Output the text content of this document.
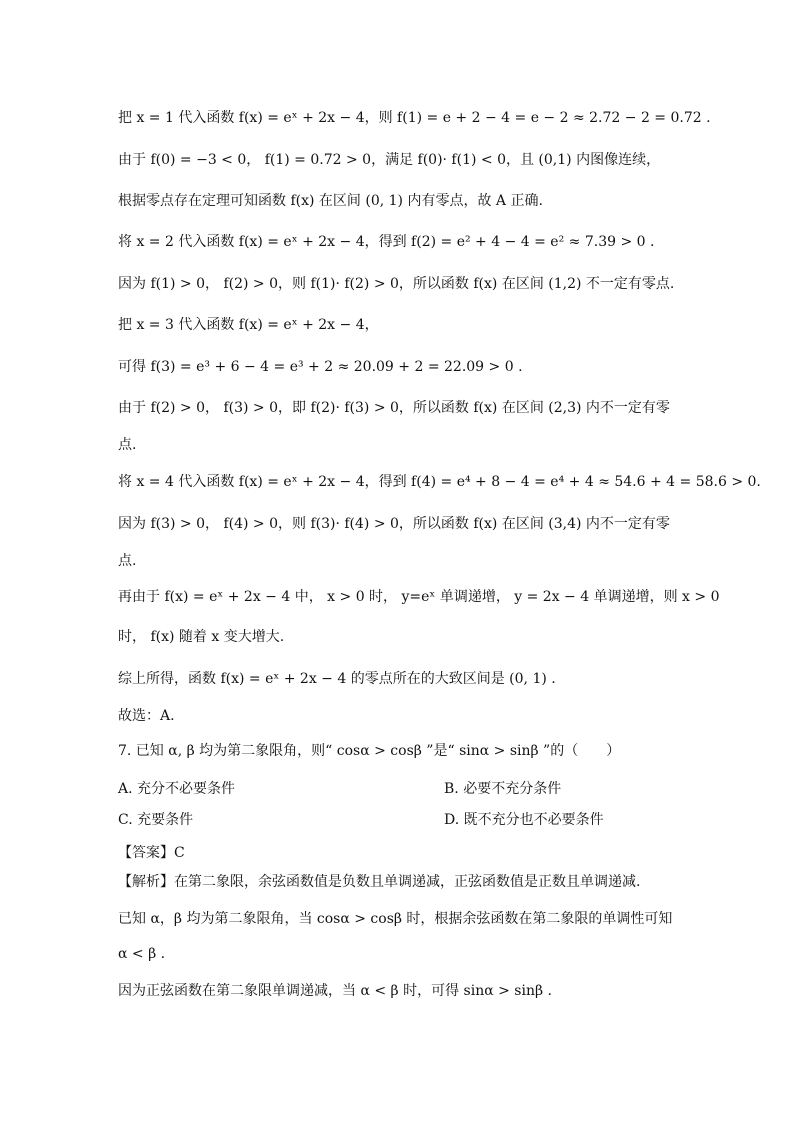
把 x = 1 代入函数 f(x) = eˣ + 2x − 4，则 f(1) = e + 2 − 4 = e − 2 ≈ 2.72 − 2 = 0.72 .
由于 f(0) = −3 < 0， f(1) = 0.72 > 0，满足 f(0)· f(1) < 0，且 (0,1) 内图像连续，
根据零点存在定理可知函数 f(x) 在区间 (0, 1) 内有零点，故 A 正确.
将 x = 2 代入函数 f(x) = eˣ + 2x − 4，得到 f(2) = e² + 4 − 4 = e² ≈ 7.39 > 0 .
因为 f(1) > 0， f(2) > 0，则 f(1)· f(2) > 0，所以函数 f(x) 在区间 (1,2) 不一定有零点.
把 x = 3 代入函数 f(x) = eˣ + 2x − 4，
可得 f(3) = e³ + 6 − 4 = e³ + 2 ≈ 20.09 + 2 = 22.09 > 0 .
由于 f(2) > 0， f(3) > 0，即 f(2)· f(3) > 0，所以函数 f(x) 在区间 (2,3) 内不一定有零
点.
将 x = 4 代入函数 f(x) = eˣ + 2x − 4，得到 f(4) = e⁴ + 8 − 4 = e⁴ + 4 ≈ 54.6 + 4 = 58.6 > 0.
因为 f(3) > 0， f(4) > 0，则 f(3)· f(4) > 0，所以函数 f(x) 在区间 (3,4) 内不一定有零
点.
再由于 f(x) = eˣ + 2x − 4 中， x > 0 时， y=eˣ 单调递增， y = 2x − 4 单调递增，则 x > 0
时， f(x) 随着 x 变大增大.
综上所得，函数 f(x) = eˣ + 2x − 4 的零点所在的大致区间是 (0, 1) .
故选：A.
7. 已知 α, β 均为第二象限角，则“ cosα > cosβ ”是“ sinα > sinβ ”的（　　）
A. 充分不必要条件	B. 必要不充分条件
C. 充要条件	D. 既不充分也不必要条件
【答案】C
【解析】在第二象限，余弦函数值是负数且单调递减，正弦函数值是正数且单调递减.
已知 α，β 均为第二象限角，当 cosα > cosβ 时，根据余弦函数在第二象限的单调性可知
α < β .
因为正弦函数在第二象限单调递减，当 α < β 时，可得 sinα > sinβ .
